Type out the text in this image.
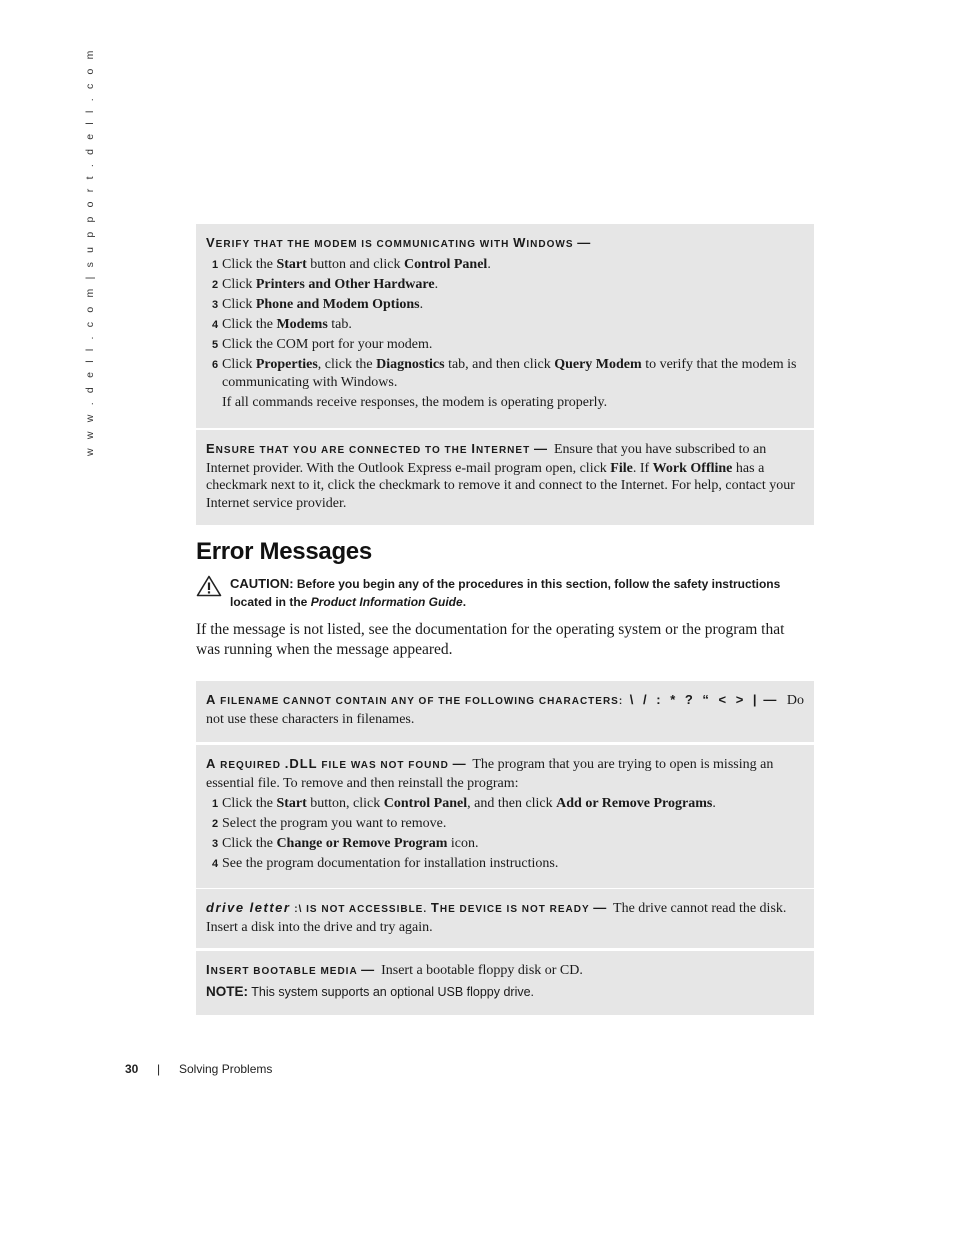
w w w . d e l l . c o m | s u p p o r t . d e l l . c o m	VERIFY THAT THE MODEM IS COMMUNICATING WITH WINDOWS —
1 Click the Start button and click Control Panel.
2 Click Printers and Other Hardware.
3 Click Phone and Modem Options.
4 Click the Modems tab.
5 Click the COM port for your modem.
6 Click Properties, click the Diagnostics tab, and then click Query Modem to verify that the modem is communicating with Windows.
If all commands receive responses, the modem is operating properly.
ENSURE THAT YOU ARE CONNECTED TO THE INTERNET — Ensure that you have subscribed to an Internet provider. With the Outlook Express e-mail program open, click File. If Work Offline has a checkmark next to it, click the checkmark to remove it and connect to the Internet. For help, contact your Internet service provider.
Error Messages
CAUTION: Before you begin any of the procedures in this section, follow the safety instructions located in the Product Information Guide.
If the message is not listed, see the documentation for the operating system or the program that was running when the message appeared.
A FILENAME CANNOT CONTAIN ANY OF THE FOLLOWING CHARACTERS: \ / : * ? “ < > | — Do not use these characters in filenames.
A REQUIRED .DLL FILE WAS NOT FOUND — The program that you are trying to open is missing an essential file. To remove and then reinstall the program:
1 Click the Start button, click Control Panel, and then click Add or Remove Programs.
2 Select the program you want to remove.
3 Click the Change or Remove Program icon.
4 See the program documentation for installation instructions.
drive letter :\ IS NOT ACCESSIBLE. THE DEVICE IS NOT READY — The drive cannot read the disk. Insert a disk into the drive and try again.
INSERT BOOTABLE MEDIA — Insert a bootable floppy disk or CD.
NOTE: This system supports an optional USB floppy drive.
30 | Solving Problems
